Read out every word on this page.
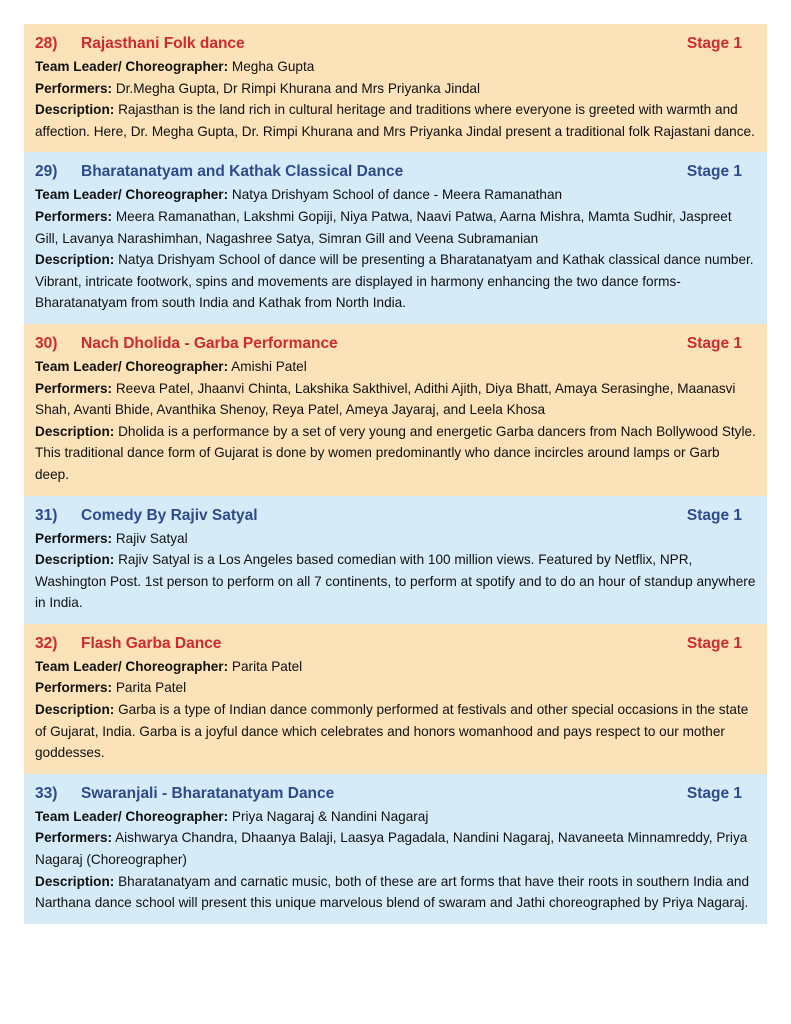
28) Rajasthani Folk dance	Stage 1
Team Leader/ Choreographer: Megha Gupta
Performers: Dr.Megha Gupta, Dr Rimpi Khurana and Mrs Priyanka Jindal
Description: Rajasthan is the land rich in cultural heritage and traditions where everyone is greeted with warmth and affection. Here, Dr. Megha Gupta, Dr. Rimpi Khurana and Mrs Priyanka Jindal present a traditional folk Rajastani dance.
29) Bharatanatyam and Kathak Classical Dance	Stage 1
Team Leader/ Choreographer: Natya Drishyam School of dance - Meera Ramanathan
Performers: Meera Ramanathan, Lakshmi Gopiji, Niya Patwa, Naavi Patwa, Aarna Mishra, Mamta Sudhir, Jaspreet Gill, Lavanya Narashimhan, Nagashree Satya, Simran Gill and Veena Subramanian
Description: Natya Drishyam School of dance will be presenting a Bharatanatyam and Kathak classical dance number. Vibrant, intricate footwork, spins and movements are displayed in harmony enhancing the two dance forms- Bharatanatyam from south India and Kathak from North India.
30) Nach Dholida - Garba Performance	Stage 1
Team Leader/ Choreographer: Amishi Patel
Performers: Reeva Patel, Jhaanvi Chinta, Lakshika Sakthivel, Adithi Ajith, Diya Bhatt, Amaya Serasinghe, Maanasvi Shah, Avanti Bhide, Avanthika Shenoy, Reya Patel, Ameya Jayaraj, and Leela Khosa
Description: Dholida is a performance by a set of very young and energetic Garba dancers from Nach Bollywood Style. This traditional dance form of Gujarat is done by women predominantly who dance incircles around lamps or Garb deep.
31) Comedy By Rajiv Satyal	Stage 1
Performers: Rajiv Satyal
Description: Rajiv Satyal is a Los Angeles based comedian with 100 million views. Featured by Netflix, NPR, Washington Post. 1st person to perform on all 7 continents, to perform at spotify and to do an hour of standup anywhere in India.
32) Flash Garba Dance	Stage 1
Team Leader/ Choreographer: Parita Patel
Performers: Parita Patel
Description: Garba is a type of Indian dance commonly performed at festivals and other special occasions in the state of Gujarat, India. Garba is a joyful dance which celebrates and honors womanhood and pays respect to our mother goddesses.
33) Swaranjali - Bharatanatyam Dance	Stage 1
Team Leader/ Choreographer: Priya Nagaraj & Nandini Nagaraj
Performers: Aishwarya Chandra, Dhaanya Balaji, Laasya Pagadala, Nandini Nagaraj, Navaneeta Minnamreddy, Priya Nagaraj (Choreographer)
Description: Bharatanatyam and carnatic music, both of these are art forms that have their roots in southern India and Narthana dance school will present this unique marvelous blend of swaram and Jathi choreographed by Priya Nagaraj.
